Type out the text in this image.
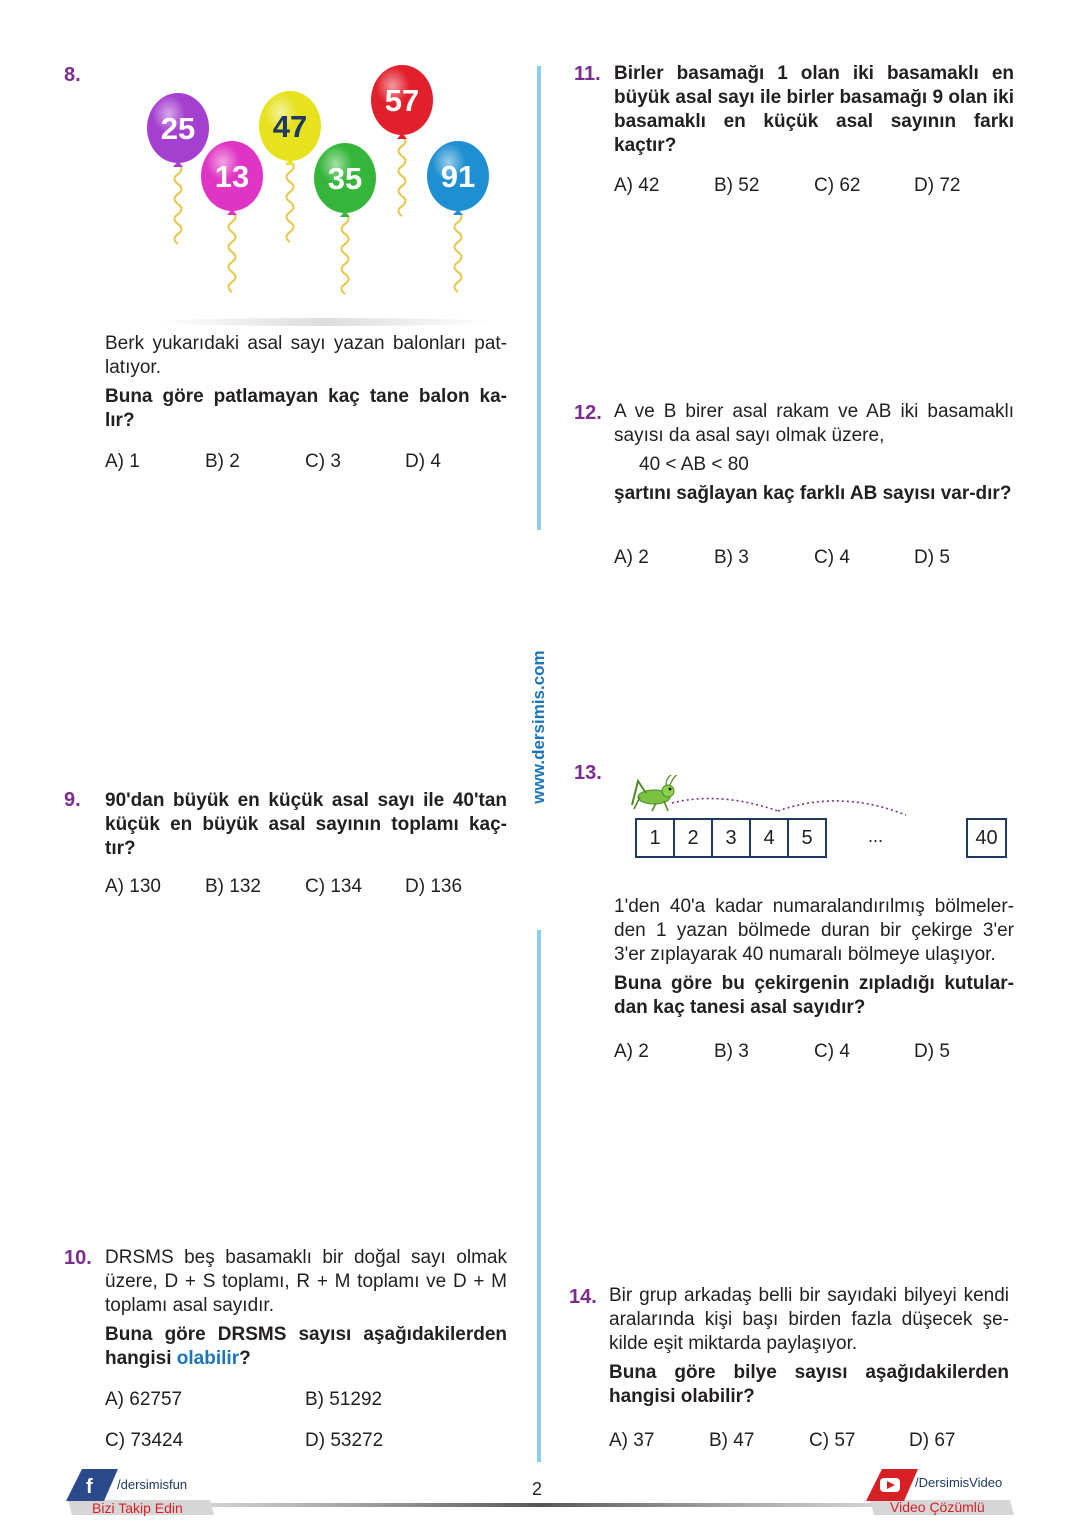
www.dersimis.com
8.
25
13
47
35
57
91

Berk yukarıdaki asal sayı yazan balonları pat-latıyor.

Buna göre patlamayan kaç tane balon ka-lır?

A) 1	B) 2	C) 3	D) 4
9. 90'dan büyük en küçük asal sayı ile 40'tan küçük en büyük asal sayının toplamı kaç-tır?

A) 130	B) 132	C) 134	D) 136
10. DRSMS beş basamaklı bir doğal sayı olmak üzere, D + S toplamı, R + M toplamı ve D + M toplamı asal sayıdır.

Buna göre DRSMS sayısı aşağıdakilerden hangisi olabilir?

A) 62757	B) 51292
C) 73424	D) 53272
11. Birler basamağı 1 olan iki basamaklı en büyük asal sayı ile birler basamağı 9 olan iki basamaklı en küçük asal sayının farkı kaçtır?

A) 42	B) 52	C) 62	D) 72
12. A ve B birer asal rakam ve AB iki basamaklı sayısı da asal sayı olmak üzere,

40 < AB < 80

şartını sağlayan kaç farklı AB sayısı var-dır?

A) 2	B) 3	C) 4	D) 5
13.
1	2	3	4	5	...	40

1'den 40'a kadar numaralandırılmış bölmeler-den 1 yazan bölmede duran bir çekirge 3'er 3'er zıplayarak 40 numaralı bölmeye ulaşıyor.

Buna göre bu çekirgenin zıpladığı kutular-dan kaç tanesi asal sayıdır?

A) 2	B) 3	C) 4	D) 5
14. Bir grup arkadaş belli bir sayıdaki bilyeyi kendi aralarında kişi başı birden fazla düşecek şe-kilde eşit miktarda paylaşıyor.

Buna göre bilye sayısı aşağıdakilerden hangisi olabilir?

A) 37	B) 47	C) 57	D) 67
f /dersimisfun
Bizi Takip Edin
2	/DersimisVideo
Video Çözümlü
